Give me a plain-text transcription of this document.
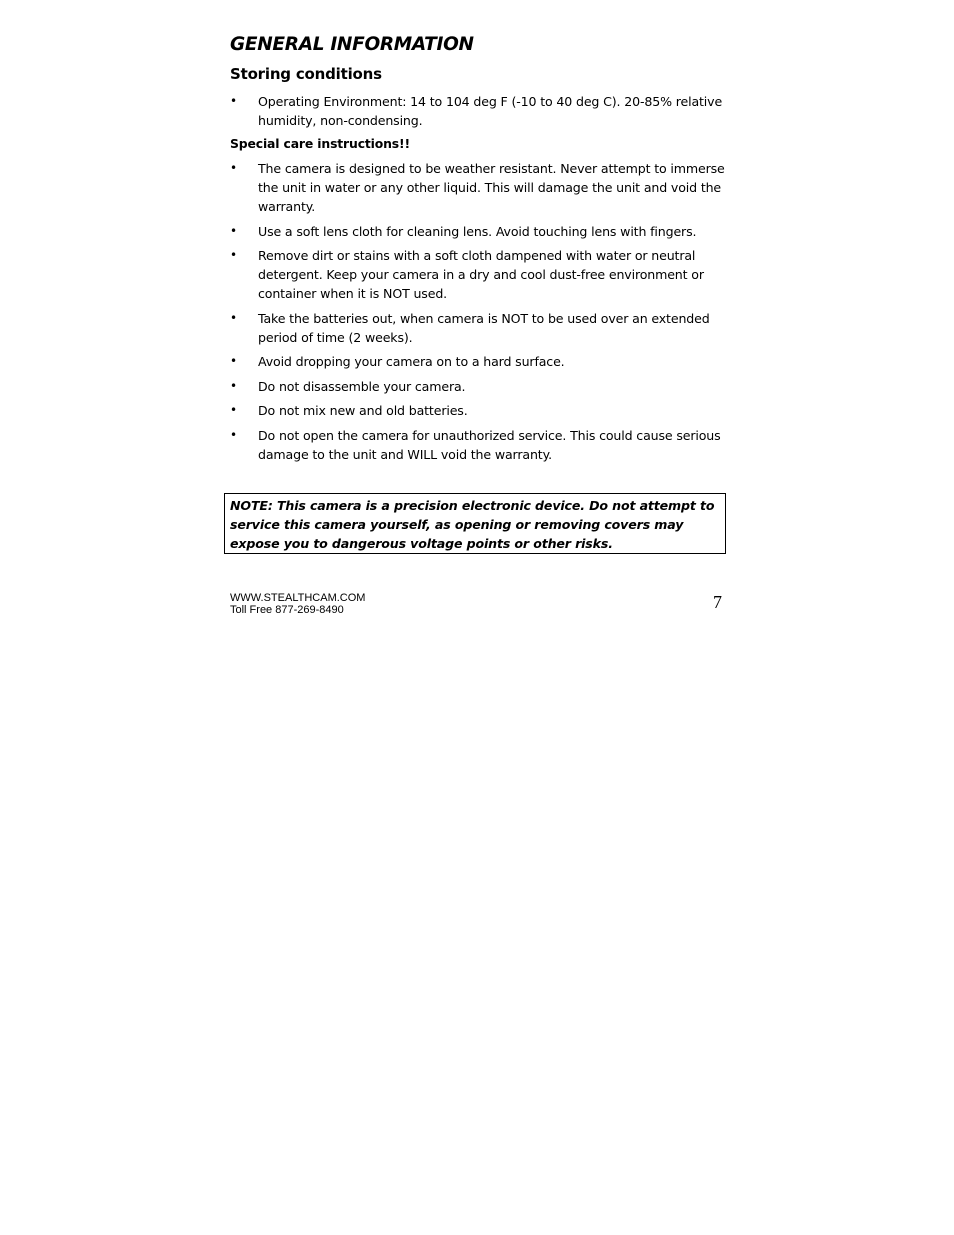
GENERAL INFORMATION
Storing conditions
• Operating Environment: 14 to 104 deg F (-10 to 40 deg C). 20-85% relative humidity, non-condensing.
Special care instructions!!
• The camera is designed to be weather resistant. Never attempt to immerse the unit in water or any other liquid. This will damage the unit and void the warranty.
• Use a soft lens cloth for cleaning lens. Avoid touching lens with fingers.
• Remove dirt or stains with a soft cloth dampened with water or neutral detergent. Keep your camera in a dry and cool dust-free environment or container when it is NOT used.
• Take the batteries out, when camera is NOT to be used over an extended period of time (2 weeks).
• Avoid dropping your camera on to a hard surface.
• Do not disassemble your camera.
• Do not mix new and old batteries.
• Do not open the camera for unauthorized service. This could cause serious damage to the unit and WILL void the warranty.
NOTE: This camera is a precision electronic device. Do not attempt to service this camera yourself, as opening or removing covers may expose you to dangerous voltage points or other risks.
WWW.STEALTHCAM.COM
Toll Free 877-269-8490	7
